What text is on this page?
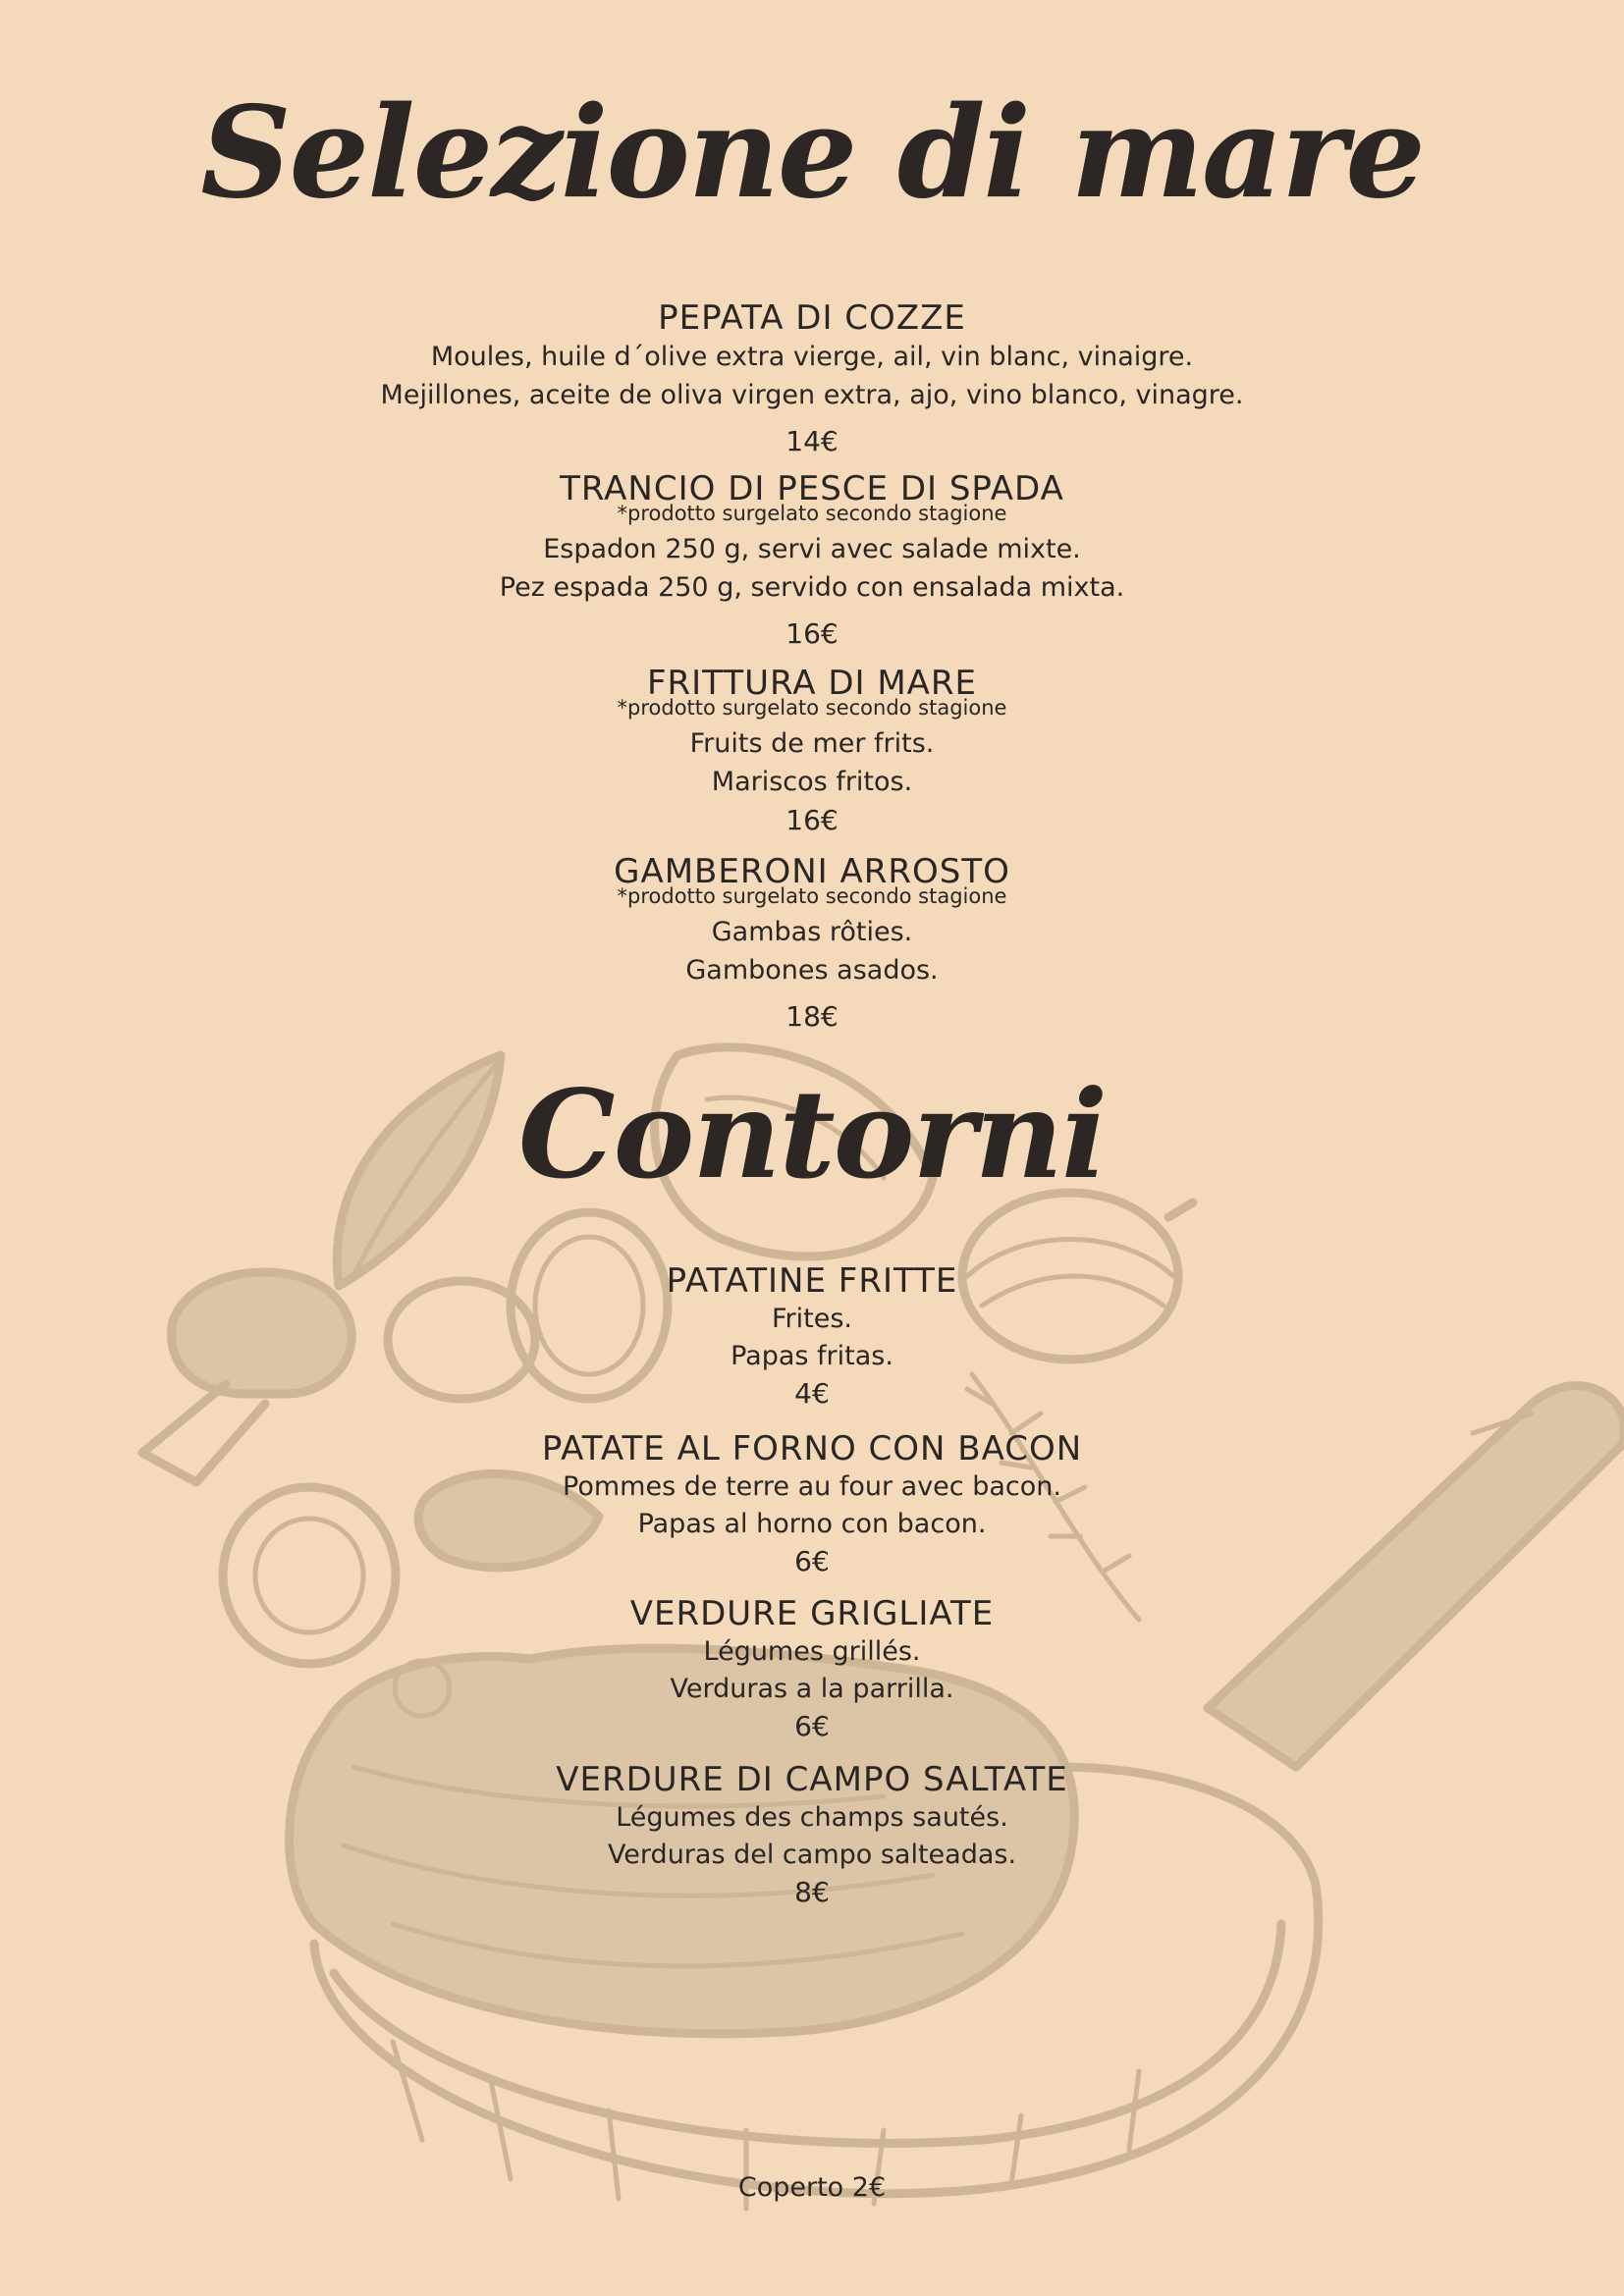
Selezione di mare
PEPATA DI COZZE
Moules, huile d´olive extra vierge, ail, vin blanc, vinaigre.
Mejillones, aceite de oliva virgen extra, ajo, vino blanco, vinagre.
14€
TRANCIO DI PESCE DI SPADA
*prodotto surgelato secondo stagione
Espadon 250 g, servi avec salade mixte.
Pez espada 250 g, servido con ensalada mixta.
16€
FRITTURA DI MARE
*prodotto surgelato secondo stagione
Fruits de mer frits.
Mariscos fritos.
16€
GAMBERONI ARROSTO
*prodotto surgelato secondo stagione
Gambas rôties.
Gambones asados.
18€
Contorni
PATATINE FRITTE
Frites.
Papas fritas.
4€
PATATE AL FORNO CON BACON
Pommes de terre au four avec bacon.
Papas al horno con bacon.
6€
VERDURE GRIGLIATE
Légumes grillés.
Verduras a la parrilla.
6€
VERDURE DI CAMPO SALTATE
Légumes des champs sautés.
Verduras del campo salteadas.
8€
Coperto 2€
